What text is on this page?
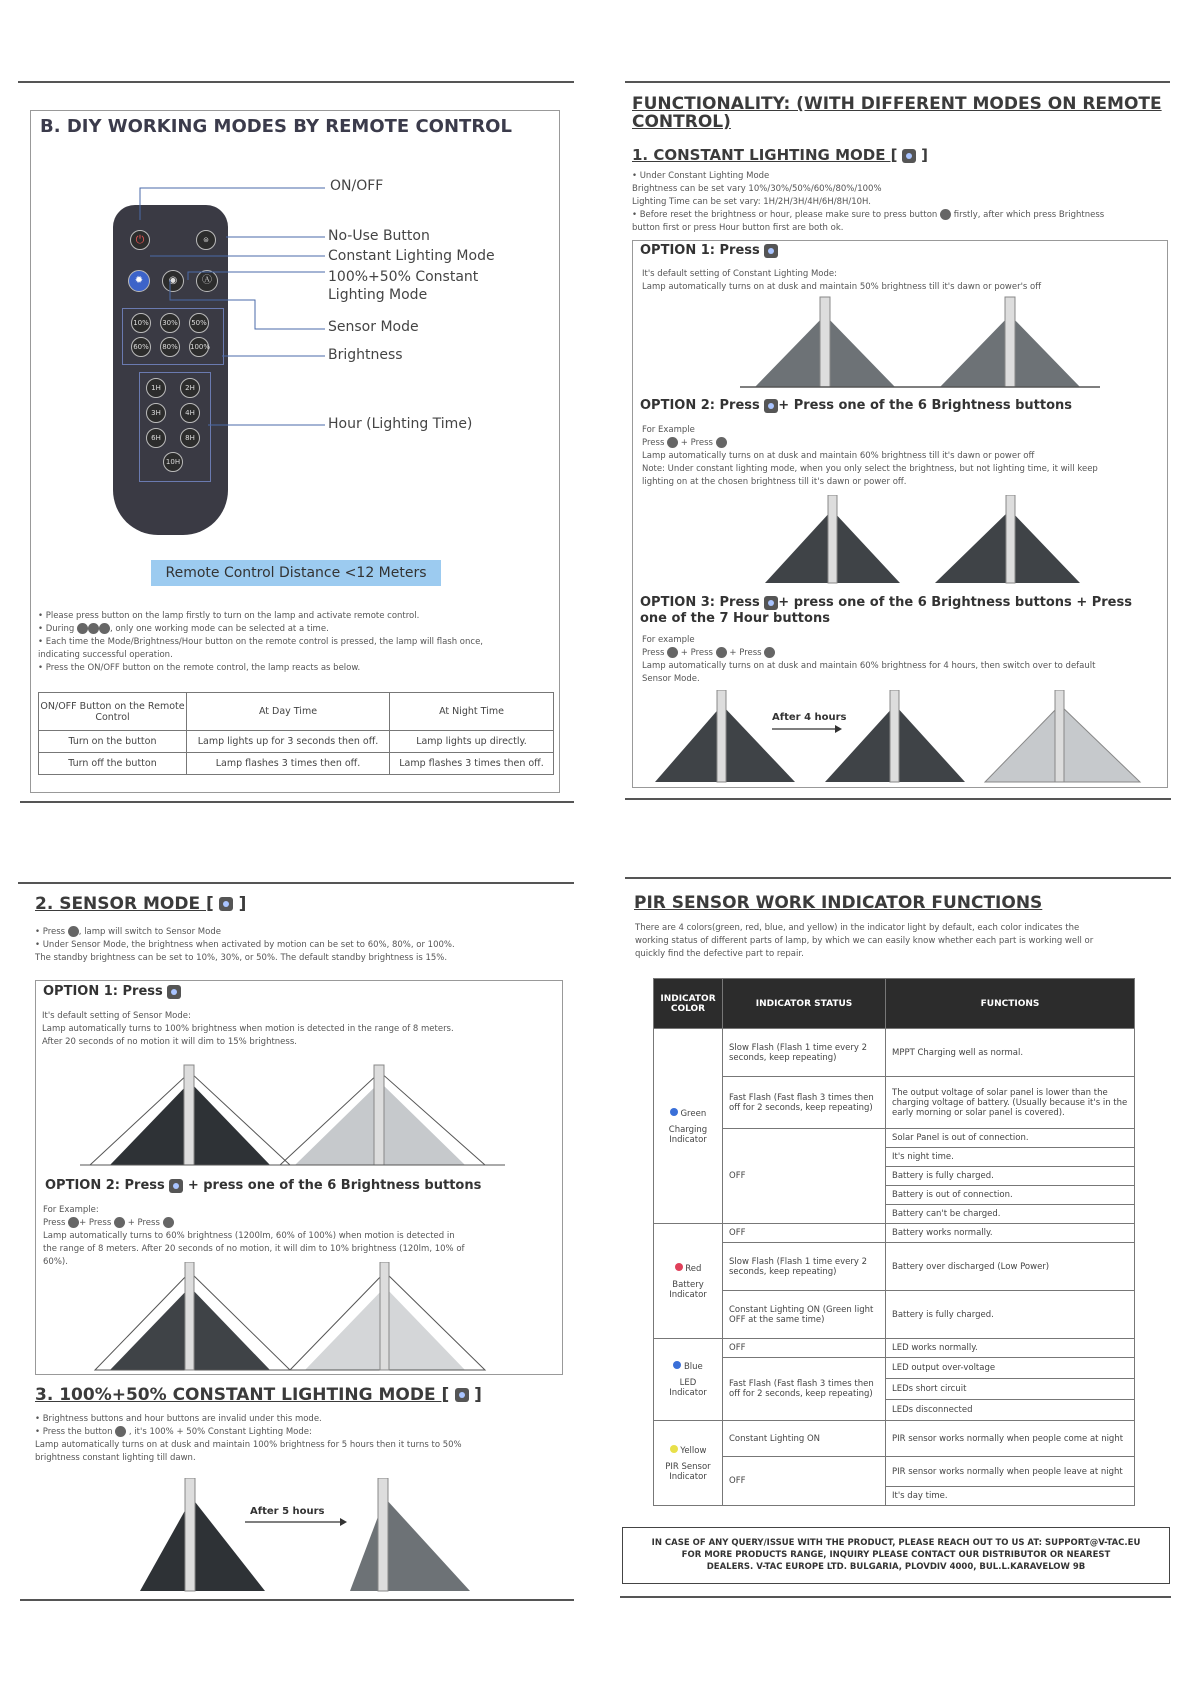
B. DIY WORKING MODES BY REMOTE CONTROL
⏻	⊜
✹	◉	Ⓐ
10%	30%	50%
60%	80%	100%
1H	2H
3H	4H
6H	8H
10H
ON/OFF
No-Use Button
Constant Lighting Mode
100%+50% Constant
Lighting Mode
Sensor Mode
Brightness
Hour (Lighting Time)
Remote Control Distance <12 Meters
• Please press button on the lamp firstly to turn on the lamp and activate remote control.
• During	, only one working mode can be selected at a time.
• Each time the Mode/Brightness/Hour button on the remote control is pressed, the lamp will flash once,
indicating successful operation.
• Press the ON/OFF button on the remote control, the lamp reacts as below.
ON/OFF Button on the Remote Control	At Day Time	At Night Time
Turn on the button	Lamp lights up for 3 seconds then off.	Lamp lights up directly.
Turn off the button	Lamp flashes 3 times then off.	Lamp flashes 3 times then off.
FUNCTIONALITY: (WITH DIFFERENT MODES ON REMOTE
CONTROL)
1. CONSTANT LIGHTING MODE [ ]
• Under Constant Lighting Mode
Brightness can be set vary 10%/30%/50%/60%/80%/100%
Lighting Time can be set vary: 1H/2H/3H/4H/6H/8H/10H.
• Before reset the brightness or hour, please make sure to press button firstly, after which press Brightness
button first or press Hour button first are both ok.
OPTION 1: Press
It's default setting of Constant Lighting Mode:
Lamp automatically turns on at dusk and maintain 50% brightness till it's dawn or power's off
OPTION 2: Press + Press one of the 6 Brightness buttons
For Example
Press + Press
Lamp automatically turns on at dusk and maintain 60% brightness till it's dawn or power off
Note: Under constant lighting mode, when you only select the brightness, but not lighting time, it will keep
lighting on at the chosen brightness till it's dawn or power off.
OPTION 3: Press + press one of the 6 Brightness buttons + Press
one of the 7 Hour buttons
For example
Press + Press + Press
Lamp automatically turns on at dusk and maintain 60% brightness for 4 hours, then switch over to default
Sensor Mode.
After 4 hours
2. SENSOR MODE [ ]
• Press , lamp will switch to Sensor Mode
• Under Sensor Mode, the brightness when activated by motion can be set to 60%, 80%, or 100%.
The standby brightness can be set to 10%, 30%, or 50%. The default standby brightness is 15%.
OPTION 1: Press
It's default setting of Sensor Mode:
Lamp automatically turns to 100% brightness when motion is detected in the range of 8 meters.
After 20 seconds of no motion it will dim to 15% brightness.
OPTION 2: Press + press one of the 6 Brightness buttons
For Example:
Press + Press + Press
Lamp automatically turns to 60% brightness (1200lm, 60% of 100%) when motion is detected in
the range of 8 meters. After 20 seconds of no motion, it will dim to 10% brightness (120lm, 10% of
60%).
3. 100%+50% CONSTANT LIGHTING MODE [ ]
• Brightness buttons and hour buttons are invalid under this mode.
• Press the button , it's 100% + 50% Constant Lighting Mode:
Lamp automatically turns on at dusk and maintain 100% brightness for 5 hours then it turns to 50%
brightness constant lighting till dawn.
After 5 hours
PIR SENSOR WORK INDICATOR FUNCTIONS
There are 4 colors(green, red, blue, and yellow) in the indicator light by default, each color indicates the
working status of different parts of lamp, by which we can easily know whether each part is working well or
quickly find the defective part to repair.
INDICATOR COLOR	INDICATOR STATUS	FUNCTIONS

Green
Charging Indicator	Slow Flash (Flash 1 time every 2 seconds, keep repeating)	MPPT Charging well as normal.
	Fast Flash (Fast flash 3 times then off for 2 seconds, keep repeating)	The output voltage of solar panel is lower than the charging voltage of battery. (Usually because it's in the early morning or solar panel is covered).
	OFF	Solar Panel is out of connection.
		It's night time.
		Battery is fully charged.
		Battery is out of connection.
		Battery can't be charged.

Red
Battery Indicator	OFF	Battery works normally.
	Slow Flash (Flash 1 time every 2 seconds, keep repeating)	Battery over discharged (Low Power)
	Constant Lighting ON (Green light OFF at the same time)	Battery is fully charged.

Blue
LED Indicator	OFF	LED works normally.
	Fast Flash (Fast flash 3 times then off for 2 seconds, keep repeating)	LED output over-voltage
		LEDs short circuit
		LEDs disconnected

Yellow
PIR Sensor Indicator	Constant Lighting ON	PIR sensor works normally when people come at night
	OFF	PIR sensor works normally when people leave at night
		It's day time.
IN CASE OF ANY QUERY/ISSUE WITH THE PRODUCT, PLEASE REACH OUT TO US AT: SUPPORT@V-TAC.EU
FOR MORE PRODUCTS RANGE, INQUIRY PLEASE CONTACT OUR DISTRIBUTOR OR NEAREST
DEALERS. V-TAC EUROPE LTD. BULGARIA, PLOVDIV 4000, BUL.L.KARAVELOW 9B
